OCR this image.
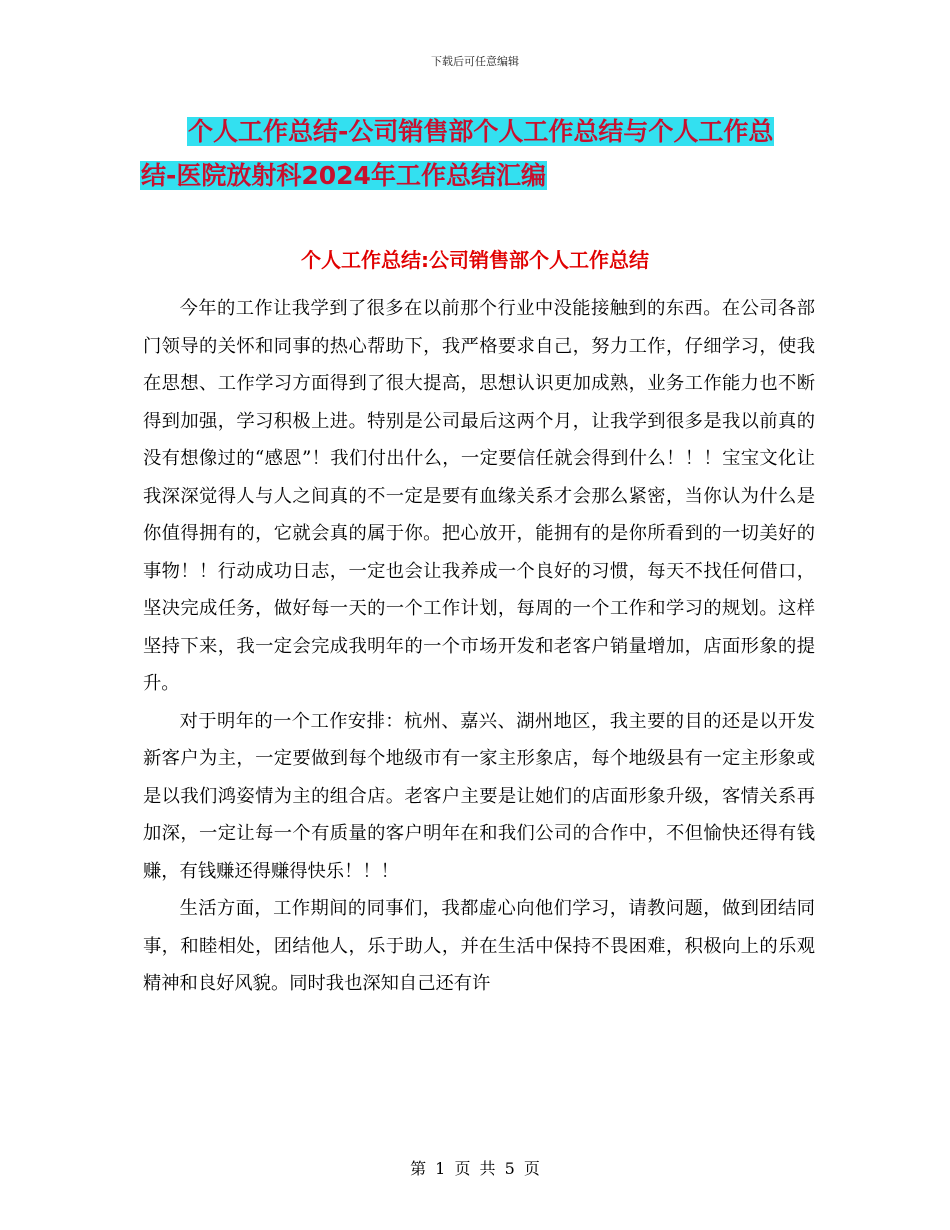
下载后可任意编辑
个人工作总结-公司销售部个人工作总结与个人工作总
结-医院放射科2024年工作总结汇编
个人工作总结:公司销售部个人工作总结

今年的工作让我学到了很多在以前那个行业中没能接触到的东西。在公司各部门领导的关怀和同事的热心帮助下，我严格要求自己，努力工作，仔细学习，使我在思想、工作学习方面得到了很大提高，思想认识更加成熟，业务工作能力也不断得到加强，学习积极上进。特别是公司最后这两个月，让我学到很多是我以前真的没有想像过的“感恩”！我们付出什么，一定要信任就会得到什么！！！宝宝文化让我深深觉得人与人之间真的不一定是要有血缘关系才会那么紧密，当你认为什么是你值得拥有的，它就会真的属于你。把心放开，能拥有的是你所看到的一切美好的事物！！行动成功日志，一定也会让我养成一个良好的习惯，每天不找任何借口，坚决完成任务，做好每一天的一个工作计划，每周的一个工作和学习的规划。这样坚持下来，我一定会完成我明年的一个市场开发和老客户销量增加，店面形象的提升。

对于明年的一个工作安排：杭州、嘉兴、湖州地区，我主要的目的还是以开发新客户为主，一定要做到每个地级市有一家主形象店，每个地级县有一定主形象或是以我们鸿姿情为主的组合店。老客户主要是让她们的店面形象升级，客情关系再加深，一定让每一个有质量的客户明年在和我们公司的合作中，不但愉快还得有钱赚，有钱赚还得赚得快乐！！！

生活方面，工作期间的同事们，我都虚心向他们学习，请教问题，做到团结同事，和睦相处，团结他人，乐于助人，并在生活中保持不畏困难，积极向上的乐观精神和良好风貌。同时我也深知自己还有许

第 1 页 共 5 页
